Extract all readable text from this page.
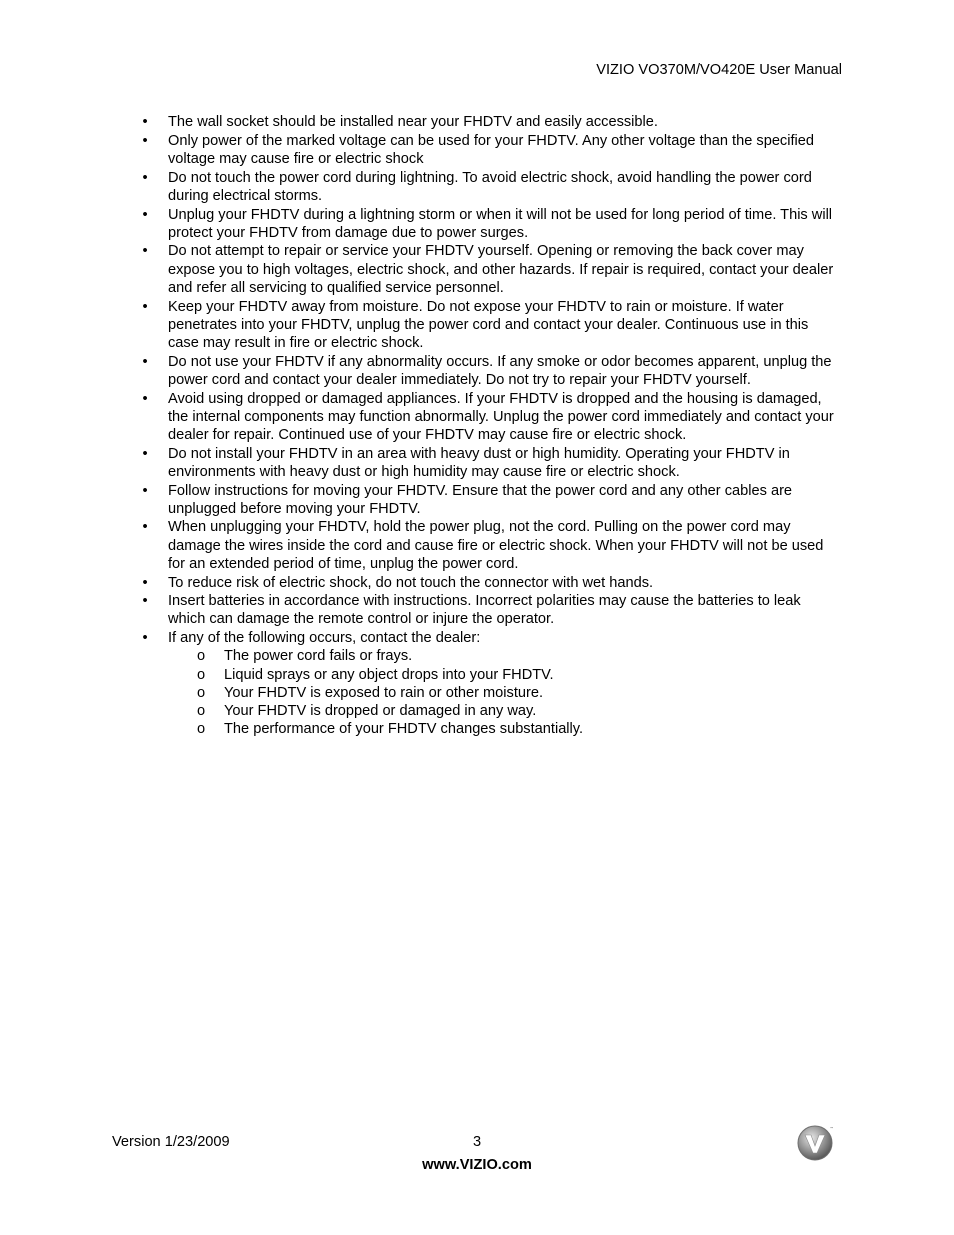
VIZIO VO370M/VO420E User Manual
• The wall socket should be installed near your FHDTV and easily accessible.
• Only power of the marked voltage can be used for your FHDTV. Any other voltage than the specified voltage may cause fire or electric shock
• Do not touch the power cord during lightning. To avoid electric shock, avoid handling the power cord during electrical storms.
• Unplug your FHDTV during a lightning storm or when it will not be used for long period of time. This will protect your FHDTV from damage due to power surges.
• Do not attempt to repair or service your FHDTV yourself. Opening or removing the back cover may expose you to high voltages, electric shock, and other hazards. If repair is required, contact your dealer and refer all servicing to qualified service personnel.
• Keep your FHDTV away from moisture. Do not expose your FHDTV to rain or moisture. If water penetrates into your FHDTV, unplug the power cord and contact your dealer. Continuous use in this case may result in fire or electric shock.
• Do not use your FHDTV if any abnormality occurs. If any smoke or odor becomes apparent, unplug the power cord and contact your dealer immediately. Do not try to repair your FHDTV yourself.
• Avoid using dropped or damaged appliances. If your FHDTV is dropped and the housing is damaged, the internal components may function abnormally. Unplug the power cord immediately and contact your dealer for repair. Continued use of your FHDTV may cause fire or electric shock.
• Do not install your FHDTV in an area with heavy dust or high humidity. Operating your FHDTV in environments with heavy dust or high humidity may cause fire or electric shock.
• Follow instructions for moving your FHDTV. Ensure that the power cord and any other cables are unplugged before moving your FHDTV.
• When unplugging your FHDTV, hold the power plug, not the cord. Pulling on the power cord may damage the wires inside the cord and cause fire or electric shock. When your FHDTV will not be used for an extended period of time, unplug the power cord.
• To reduce risk of electric shock, do not touch the connector with wet hands.
• Insert batteries in accordance with instructions. Incorrect polarities may cause the batteries to leak which can damage the remote control or injure the operator.
• If any of the following occurs, contact the dealer:
o The power cord fails or frays.
o Liquid sprays or any object drops into your FHDTV.
o Your FHDTV is exposed to rain or other moisture.
o Your FHDTV is dropped or damaged in any way.
o The performance of your FHDTV changes substantially.
Version 1/23/2009	3
www.VIZIO.com
™
